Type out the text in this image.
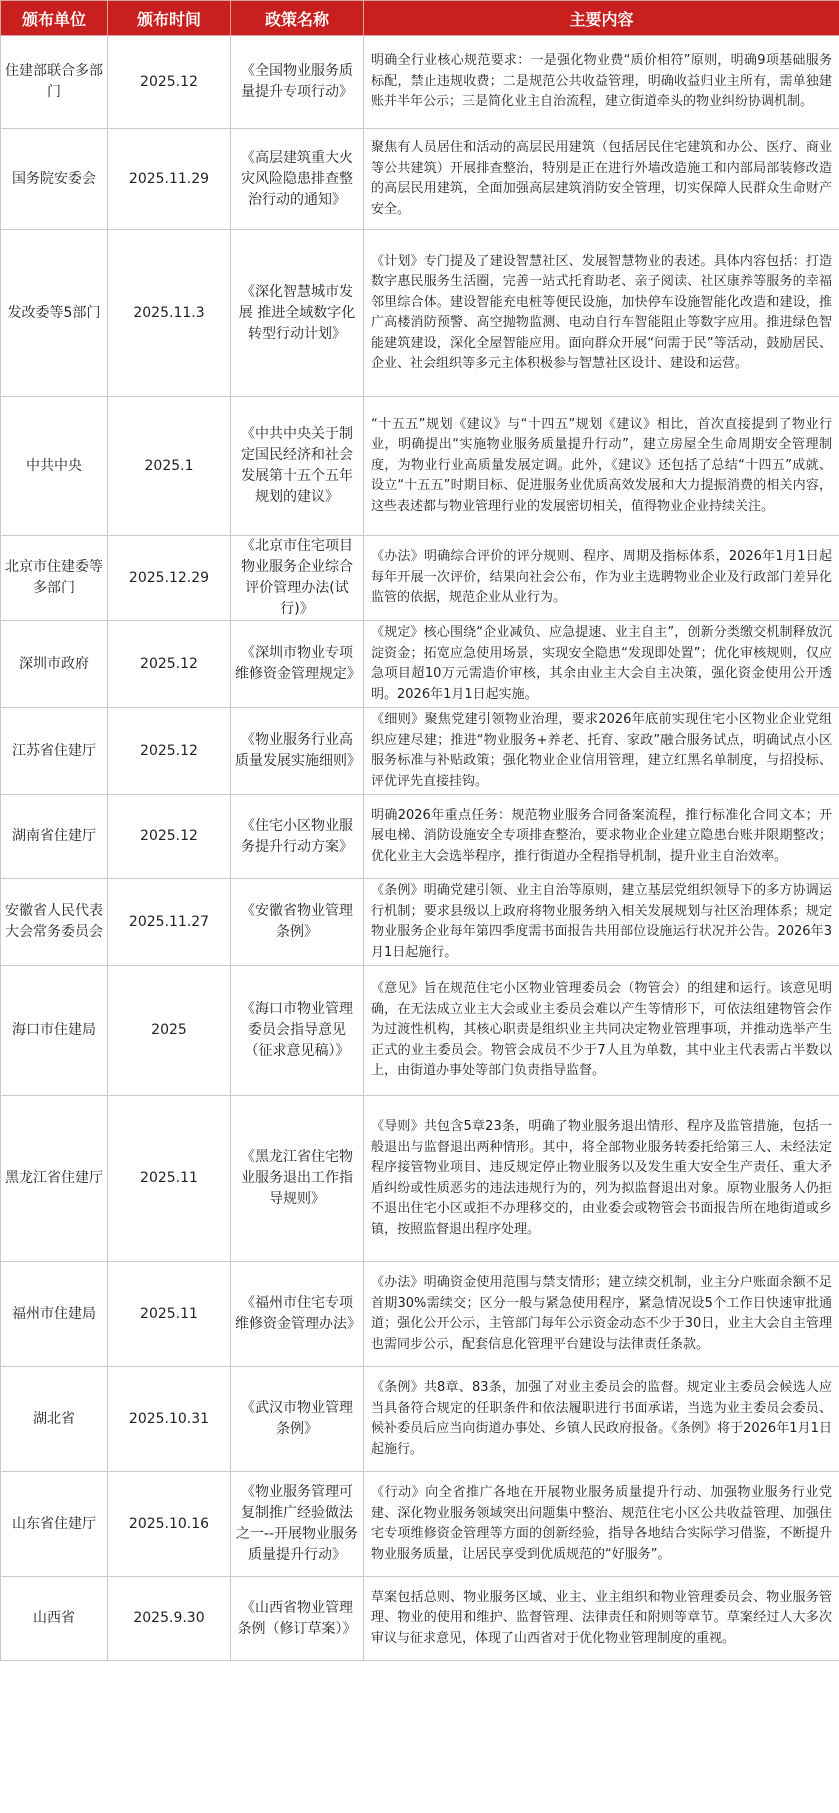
颁布单位	颁布时间	政策名称	主要内容
住建部联合多部门	2025.12	《全国物业服务质量提升专项行动》	明确全行业核心规范要求：一是强化物业费“质价相符”原则，明确9项基础服务标配，禁止违规收费；二是规范公共收益管理，明确收益归业主所有，需单独建账并半年公示；三是简化业主自治流程，建立街道牵头的物业纠纷协调机制。
国务院安委会	2025.11.29	《高层建筑重大火灾风险隐患排查整治行动的通知》	聚焦有人员居住和活动的高层民用建筑（包括居民住宅建筑和办公、医疗、商业等公共建筑）开展排查整治，特别是正在进行外墙改造施工和内部局部装修改造的高层民用建筑，全面加强高层建筑消防安全管理，切实保障人民群众生命财产安全。
发改委等5部门	2025.11.3	《深化智慧城市发展 推进全域数字化转型行动计划》	《计划》专门提及了建设智慧社区、发展智慧物业的表述。具体内容包括：打造数字惠民服务生活圈，完善一站式托育助老、亲子阅读、社区康养等服务的幸福邻里综合体。建设智能充电桩等便民设施，加快停车设施智能化改造和建设，推广高楼消防预警、高空抛物监测、电动自行车智能阻止等数字应用。推进绿色智能建筑建设，深化全屋智能应用。面向群众开展“问需于民”等活动，鼓励居民、企业、社会组织等多元主体积极参与智慧社区设计、建设和运营。
中共中央	2025.1	《中共中央关于制定国民经济和社会发展第十五个五年规划的建议》	“十五五”规划《建议》与“十四五”规划《建议》相比，首次直接提到了物业行业，明确提出“实施物业服务质量提升行动”，建立房屋全生命周期安全管理制度，为物业行业高质量发展定调。此外，《建议》还包括了总结“十四五”成就、设立“十五五”时期目标、促进服务业优质高效发展和大力提振消费的相关内容，这些表述都与物业管理行业的发展密切相关，值得物业企业持续关注。
北京市住建委等多部门	2025.12.29	《北京市住宅项目物业服务企业综合评价管理办法(试行)》	《办法》明确综合评价的评分规则、程序、周期及指标体系，2026年1月1日起每年开展一次评价，结果向社会公布，作为业主选聘物业企业及行政部门差异化监管的依据，规范企业从业行为。
深圳市政府	2025.12	《深圳市物业专项维修资金管理规定》	《规定》核心围绕“企业减负、应急提速、业主自主”，创新分类缴交机制释放沉淀资金；拓宽应急使用场景，实现安全隐患“发现即处置”；优化审核规则，仅应急项目超10万元需造价审核，其余由业主大会自主决策，强化资金使用公开透明。2026年1月1日起实施。
江苏省住建厅	2025.12	《物业服务行业高质量发展实施细则》	《细则》聚焦党建引领物业治理，要求2026年底前实现住宅小区物业企业党组织应建尽建；推进“物业服务+养老、托育、家政”融合服务试点，明确试点小区服务标准与补贴政策；强化物业企业信用管理，建立红黑名单制度，与招投标、评优评先直接挂钩。
湖南省住建厅	2025.12	《住宅小区物业服务提升行动方案》	明确2026年重点任务：规范物业服务合同备案流程，推行标准化合同文本；开展电梯、消防设施安全专项排查整治，要求物业企业建立隐患台账并限期整改；优化业主大会选举程序，推行街道办全程指导机制，提升业主自治效率。
安徽省人民代表大会常务委员会	2025.11.27	《安徽省物业管理条例》	《条例》明确党建引领、业主自治等原则，建立基层党组织领导下的多方协调运行机制；要求县级以上政府将物业服务纳入相关发展规划与社区治理体系；规定物业服务企业每年第四季度需书面报告共用部位设施运行状况并公告。2026年3月1日起施行。
海口市住建局	2025	《海口市物业管理委员会指导意见（征求意见稿）》	《意见》旨在规范住宅小区物业管理委员会（物管会）的组建和运行。该意见明确，在无法成立业主大会或业主委员会难以产生等情形下，可依法组建物管会作为过渡性机构，其核心职责是组织业主共同决定物业管理事项，并推动选举产生正式的业主委员会。物管会成员不少于7人且为单数，其中业主代表需占半数以上，由街道办事处等部门负责指导监督。
黑龙江省住建厅	2025.11	《黑龙江省住宅物业服务退出工作指导规则》	《导则》共包含5章23条，明确了物业服务退出情形、程序及监管措施，包括一般退出与监督退出两种情形。其中，将全部物业服务转委托给第三人、未经法定程序接管物业项目、违反规定停止物业服务以及发生重大安全生产责任、重大矛盾纠纷或性质恶劣的违法违规行为的，列为拟监督退出对象。原物业服务人仍拒不退出住宅小区或拒不办理移交的，由业委会或物管会书面报告所在地街道或乡镇，按照监督退出程序处理。
福州市住建局	2025.11	《福州市住宅专项维修资金管理办法》	《办法》明确资金使用范围与禁支情形；建立续交机制，业主分户账面余额不足首期30%需续交；区分一般与紧急使用程序，紧急情况设5个工作日快速审批通道；强化公开公示，主管部门每年公示资金动态不少于30日，业主大会自主管理也需同步公示，配套信息化管理平台建设与法律责任条款。
湖北省	2025.10.31	《武汉市物业管理条例》	《条例》共8章、83条，加强了对业主委员会的监督。规定业主委员会候选人应当具备符合规定的任职条件和依法履职进行书面承诺，当选为业主委员会委员、候补委员后应当向街道办事处、乡镇人民政府报备。《条例》将于2026年1月1日起施行。
山东省住建厅	2025.10.16	《物业服务管理可复制推广经验做法之一--开展物业服务质量提升行动》	《行动》向全省推广各地在开展物业服务质量提升行动、加强物业服务行业党建、深化物业服务领域突出问题集中整治、规范住宅小区公共收益管理、加强住宅专项维修资金管理等方面的创新经验，指导各地结合实际学习借鉴，不断提升物业服务质量，让居民享受到优质规范的“好服务”。
山西省	2025.9.30	《山西省物业管理条例（修订草案）》	草案包括总则、物业服务区域、业主、业主组织和物业管理委员会、物业服务管理、物业的使用和维护、监督管理、法律责任和附则等章节。草案经过人大多次审议与征求意见，体现了山西省对于优化物业管理制度的重视。
